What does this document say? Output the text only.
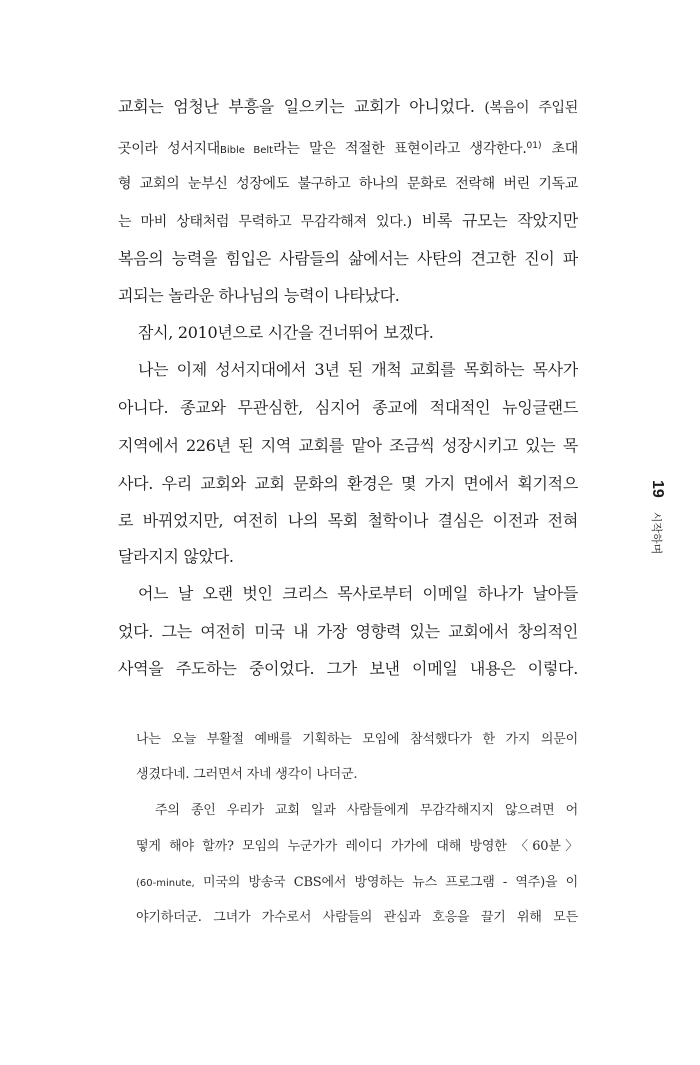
교회는 엄청난 부흥을 일으키는 교회가 아니었다. (복음이 주입된
곳이라 성서지대Bible Belt라는 말은 적절한 표현이라고 생각한다.$^{01)}$ 초대
형 교회의 눈부신 성장에도 불구하고 하나의 문화로 전락해 버린 기독교
는 마비 상태처럼 무력하고 무감각해져 있다.) 비록 규모는 작았지만
복음의 능력을 힘입은 사람들의 삶에서는 사탄의 견고한 진이 파
괴되는 놀라운 하나님의 능력이 나타났다.
잠시, 2010년으로 시간을 건너뛰어 보겠다.
나는 이제 성서지대에서 3년 된 개척 교회를 목회하는 목사가
아니다. 종교와 무관심한, 심지어 종교에 적대적인 뉴잉글랜드
지역에서 226년 된 지역 교회를 맡아 조금씩 성장시키고 있는 목
사다. 우리 교회와 교회 문화의 환경은 몇 가지 면에서 획기적으
로 바뀌었지만, 여전히 나의 목회 철학이나 결심은 이전과 전혀
달라지지 않았다.
어느 날 오랜 벗인 크리스 목사로부터 이메일 하나가 날아들
었다. 그는 여전히 미국 내 가장 영향력 있는 교회에서 창의적인
사역을 주도하는 중이었다. 그가 보낸 이메일 내용은 이렇다.
나는 오늘 부활절 예배를 기획하는 모임에 참석했다가 한 가지 의문이
생겼다네. 그러면서 자네 생각이 나더군.
주의 종인 우리가 교회 일과 사람들에게 무감각해지지 않으려면 어
떻게 해야 할까? 모임의 누군가가 레이디 가가에 대해 방영한 〈60분〉
(60-minute, 미국의 방송국 CBS에서 방영하는 뉴스 프로그램 - 역주)을 이
야기하더군. 그녀가 가수로서 사람들의 관심과 호응을 끌기 위해 모든
19시작하며
